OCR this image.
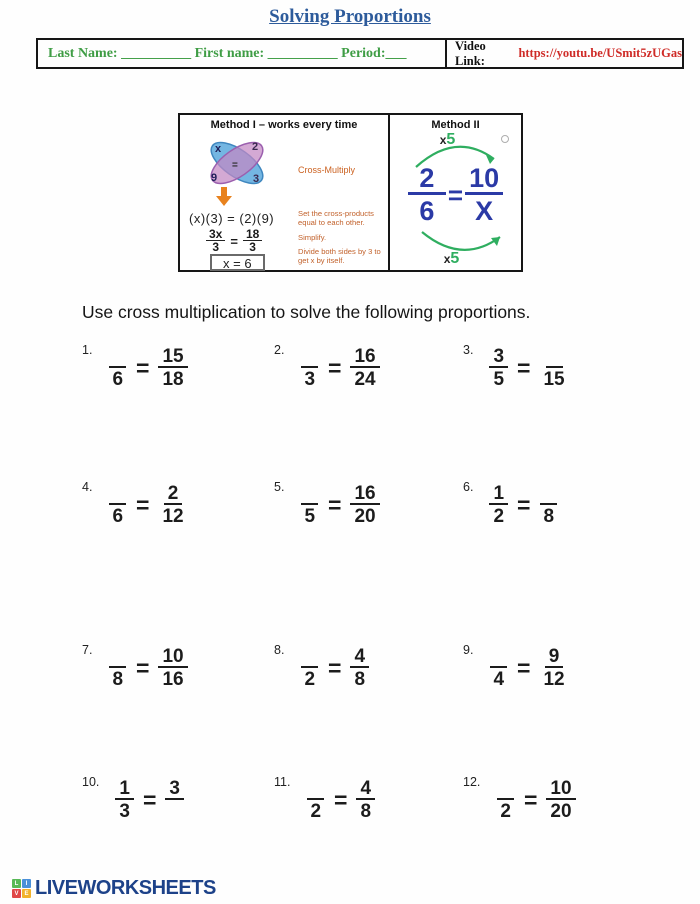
Solving Proportions
Last Name: __________ First name: __________ Period:___	Video Link:
https://youtu.be/USmit5zUGas
Method I – works every time
x	2
9	3
=	Cross-Multiply
(x)(3) = (2)(9)
$\frac{3x}{3} = \frac{18}{3}$
x = 6
Set the cross-products equal to each other.
Simplify.
Divide both sides by 3 to get x by itself.
Method II
x5
$\frac{2}{6} = \frac{10}{X}$
x5
Use cross multiplication to solve the following proportions.
1.
$6 = \frac{15}{18}$	2.
$3 = \frac{16}{24}$	3. $\frac{3}{5} = 15$
4.
$6 = \frac{2}{12}$	5.
$5 = \frac{16}{20}$	6. $\frac{1}{2} = 8$
7.
$8 = \frac{10}{16}$	8.
$2 = \frac{4}{8}$	9.
$4 = \frac{9}{12}$
10. $\frac{1}{3} = 3$	11.
$2 = \frac{4}{8}$	12.
$2 = \frac{10}{20}$
L	I
V E LIVEWORKSHEETS
